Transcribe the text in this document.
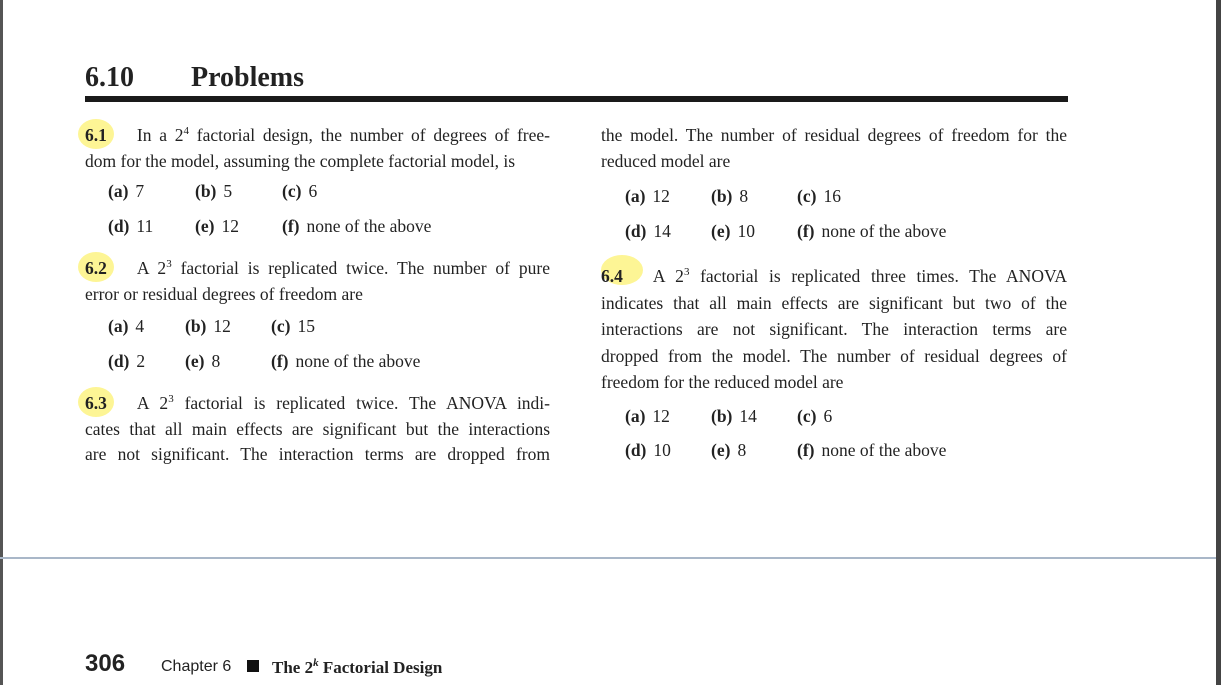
6.10 Problems
6.1 In a $2^4$ factorial design, the number of degrees of free-
dom for the model, assuming the complete factorial model, is
(a) 7	(b) 5	(c) 6
(d) 11 (e) 12 (f) none of the above
6.2 A $2^3$ factorial is replicated twice. The number of pure
error or residual degrees of freedom are
(a) 4 (b) 12 (c) 15
(d) 2 (e) 8	(f) none of the above
6.3 A $2^3$ factorial is replicated twice. The ANOVA indi-
cates that all main effects are significant but the interactions
are not significant. The interaction terms are dropped from
the model. The number of residual degrees of freedom for the
reduced model are
(a) 12 (b) 8	(c) 16
(d) 14 (e) 10 (f) none of the above
6.4 A $2^3$ factorial is replicated three times. The ANOVA
indicates that all main effects are significant but two of the
interactions are not significant. The interaction terms are
dropped from the model. The number of residual degrees of
freedom for the reduced model are
(a) 12 (b) 14 (c) 6
(d) 10 (e) 8	(f) none of the above
306 Chapter 6 The 2$^k$ Factorial Design
